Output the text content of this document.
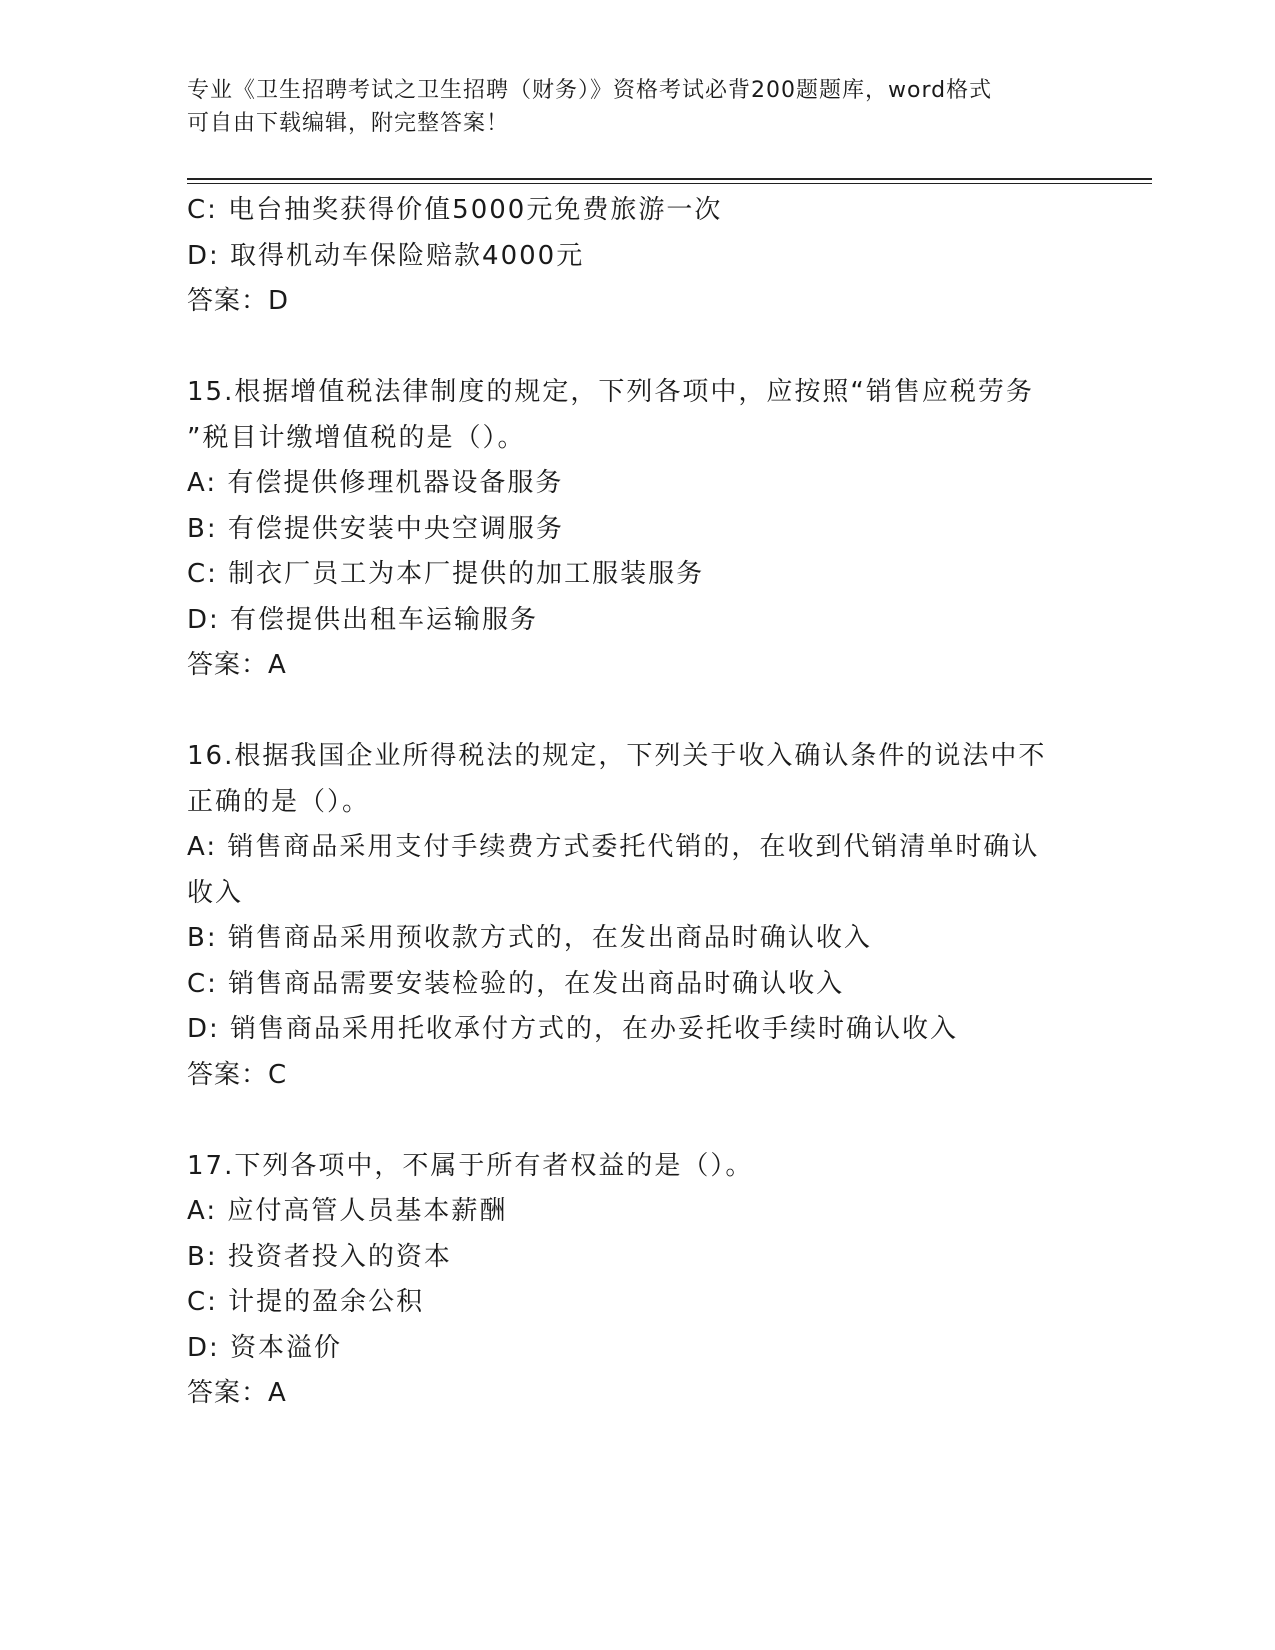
专业《卫生招聘考试之卫生招聘（财务）》资格考试必背200题题库，word格式
可自由下载编辑，附完整答案！
C: 电台抽奖获得价值5000元免费旅游一次
D: 取得机动车保险赔款4000元
答案：D
15.根据增值税法律制度的规定，下列各项中，应按照“销售应税劳务
”税目计缴增值税的是（）。
A: 有偿提供修理机器设备服务
B: 有偿提供安装中央空调服务
C: 制衣厂员工为本厂提供的加工服装服务
D: 有偿提供出租车运输服务
答案：A
16.根据我国企业所得税法的规定，下列关于收入确认条件的说法中不
正确的是（）。
A: 销售商品采用支付手续费方式委托代销的，在收到代销清单时确认
收入
B: 销售商品采用预收款方式的，在发出商品时确认收入
C: 销售商品需要安装检验的，在发出商品时确认收入
D: 销售商品采用托收承付方式的，在办妥托收手续时确认收入
答案：C
17.下列各项中，不属于所有者权益的是（）。
A: 应付高管人员基本薪酬
B: 投资者投入的资本
C: 计提的盈余公积
D: 资本溢价
答案：A
